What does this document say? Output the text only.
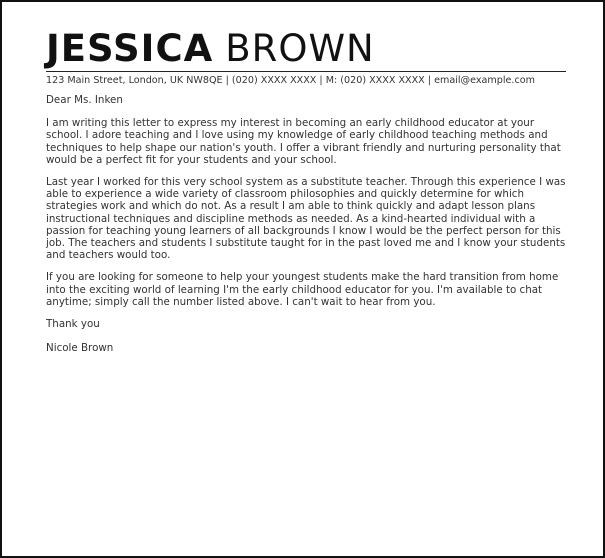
JESSICA BROWN
123 Main Street, London, UK NW8QE | (020) XXXX XXXX | M: (020) XXXX XXXX | email@example.com

Dear Ms. Inken

I am writing this letter to express my interest in becoming an early childhood educator at your school. I adore teaching and I love using my knowledge of early childhood teaching methods and techniques to help shape our nation's youth. I offer a vibrant friendly and nurturing personality that would be a perfect fit for your students and your school.

Last year I worked for this very school system as a substitute teacher. Through this experience I was able to experience a wide variety of classroom philosophies and quickly determine for which strategies work and which do not. As a result I am able to think quickly and adapt lesson plans instructional techniques and discipline methods as needed. As a kind-hearted individual with a passion for teaching young learners of all backgrounds I know I would be the perfect person for this job. The teachers and students I substitute taught for in the past loved me and I know your students and teachers would too.

If you are looking for someone to help your youngest students make the hard transition from home into the exciting world of learning I'm the early childhood educator for you. I'm available to chat anytime; simply call the number listed above. I can't wait to hear from you.

Thank you

Nicole Brown
